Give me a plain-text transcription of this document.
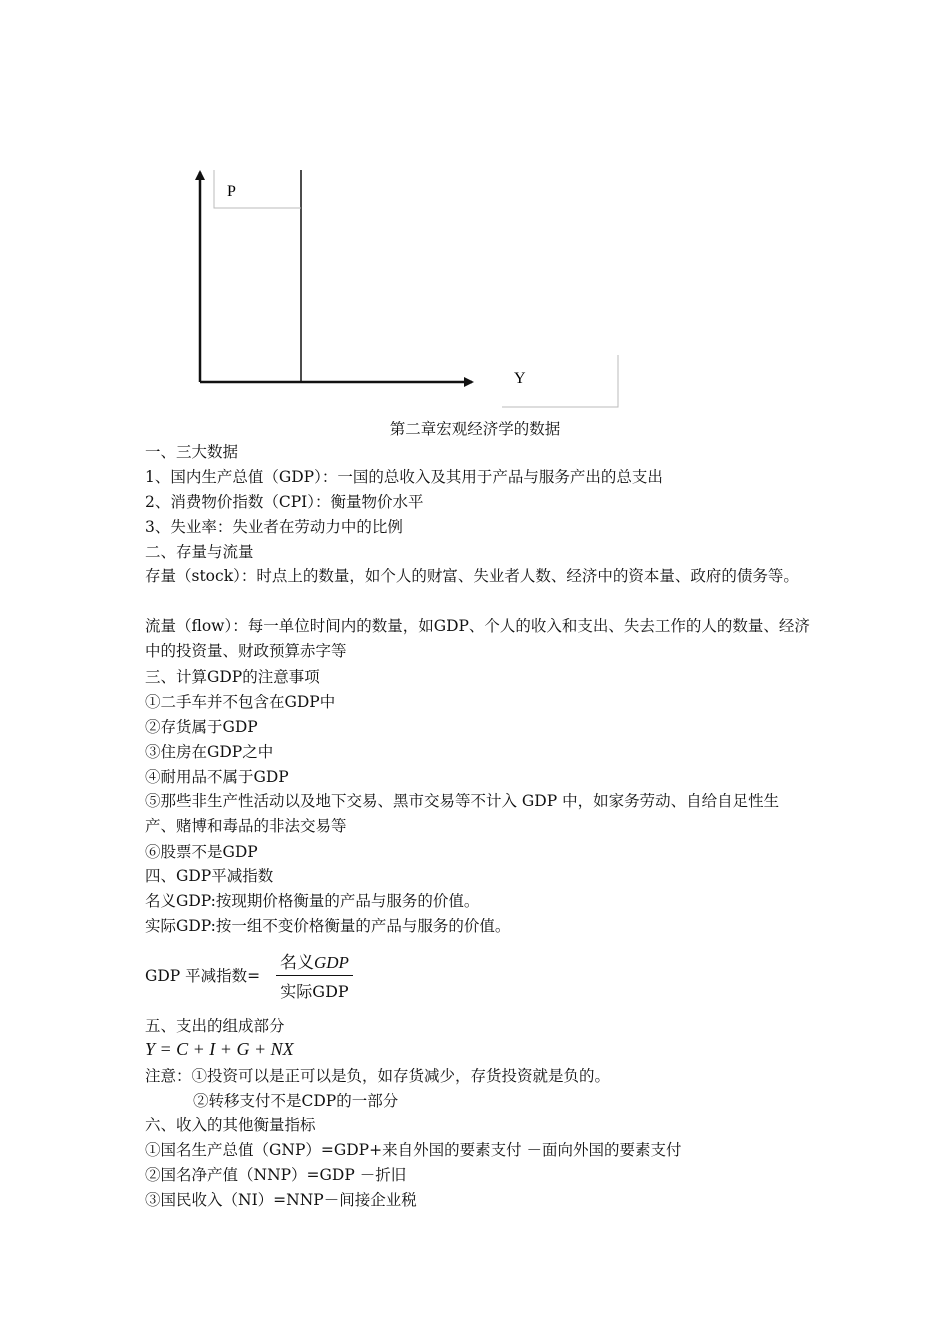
P
Y
第二章宏观经济学的数据
一、三大数据
1、国内生产总值（GDP）：一国的总收入及其用于产品与服务产出的总支出
2、消费物价指数（CPI）：衡量物价水平
3、失业率：失业者在劳动力中的比例
二、存量与流量
存量（stock）：时点上的数量，如个人的财富、失业者人数、经济中的资本量、政府的债务等。
流量（flow）：每一单位时间内的数量，如GDP、个人的收入和支出、失去工作的人的数量、经济中的投资量、财政预算赤字等
三、计算GDP的注意事项
①二手车并不包含在GDP中
②存货属于GDP
③住房在GDP之中
④耐用品不属于GDP
⑤那些非生产性活动以及地下交易、黑市交易等不计入 GDP 中，如家务劳动、自给自足性生产、赌博和毒品的非法交易等
⑥股票不是GDP
四、GDP平减指数
名义GDP:按现期价格衡量的产品与服务的价值。
实际GDP:按一组不变价格衡量的产品与服务的价值。
GDP 平减指数=
名义GDP
实际GDP
五、支出的组成部分
Y = C + I + G + NX
注意：①投资可以是正可以是负，如存货减少，存货投资就是负的。
②转移支付不是CDP的一部分
六、收入的其他衡量指标
①国名生产总值（GNP）=GDP+来自外国的要素支付 －面向外国的要素支付
②国名净产值（NNP）=GDP －折旧
③国民收入（NI）=NNP－间接企业税
